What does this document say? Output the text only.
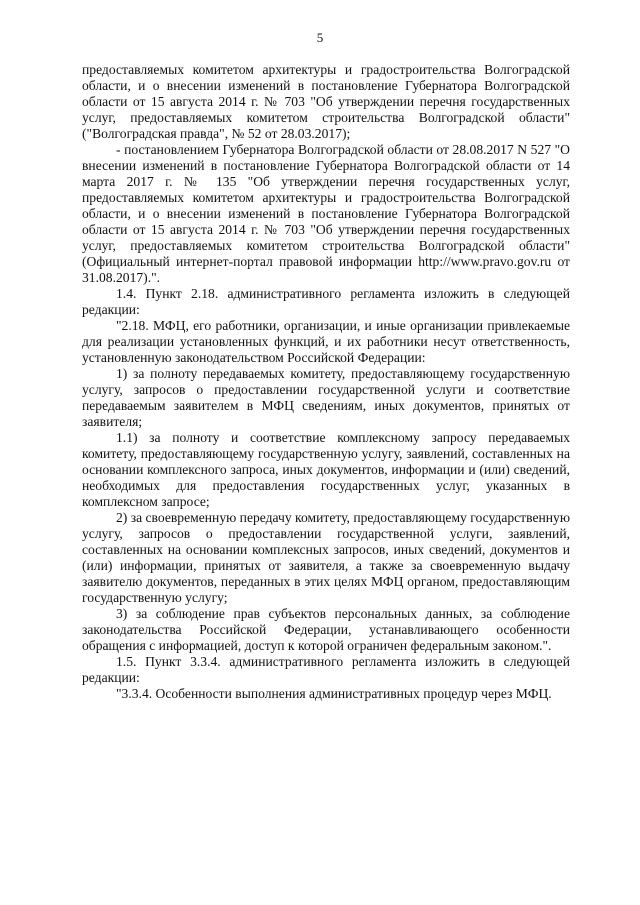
5

предоставляемых комитетом архитектуры и градостроительства Волгоградской области, и о внесении изменений в постановление Губернатора Волгоградской области от 15 августа 2014 г. № 703 "Об утверждении перечня государственных услуг, предоставляемых комитетом строительства Волгоградской области" ("Волгоградская правда", № 52 от 28.03.2017);

- постановлением Губернатора Волгоградской области от 28.08.2017 N 527 "О внесении изменений в постановление Губернатора Волгоградской области от 14 марта 2017 г. № 135 "Об утверждении перечня государственных услуг, предоставляемых комитетом архитектуры и градостроительства Волгоградской области, и о внесении изменений в постановление Губернатора Волгоградской области от 15 августа 2014 г. № 703 "Об утверждении перечня государственных услуг, предоставляемых комитетом строительства Волгоградской области" (Официальный интернет-портал правовой информации http://www.pravo.gov.ru от 31.08.2017).".

1.4. Пункт 2.18. административного регламента изложить в следующей редакции:

"2.18. МФЦ, его работники, организации, и иные организации привлекаемые для реализации установленных функций, и их работники несут ответственность, установленную законодательством Российской Федерации:

1) за полноту передаваемых комитету, предоставляющему государственную услугу, запросов о предоставлении государственной услуги и соответствие передаваемым заявителем в МФЦ сведениям, иных документов, принятых от заявителя;

1.1) за полноту и соответствие комплексному запросу передаваемых комитету, предоставляющему государственную услугу, заявлений, составленных на основании комплексного запроса, иных документов, информации и (или) сведений, необходимых для предоставления государственных услуг, указанных в комплексном запросе;

2) за своевременную передачу комитету, предоставляющему государственную услугу, запросов о предоставлении государственной услуги, заявлений, составленных на основании комплексных запросов, иных сведений, документов и (или) информации, принятых от заявителя, а также за своевременную выдачу заявителю документов, переданных в этих целях МФЦ органом, предоставляющим государственную услугу;

3) за соблюдение прав субъектов персональных данных, за соблюдение законодательства Российской Федерации, устанавливающего особенности обращения с информацией, доступ к которой ограничен федеральным законом.".

1.5. Пункт 3.3.4. административного регламента изложить в следующей редакции:

"3.3.4. Особенности выполнения административных процедур через МФЦ.
